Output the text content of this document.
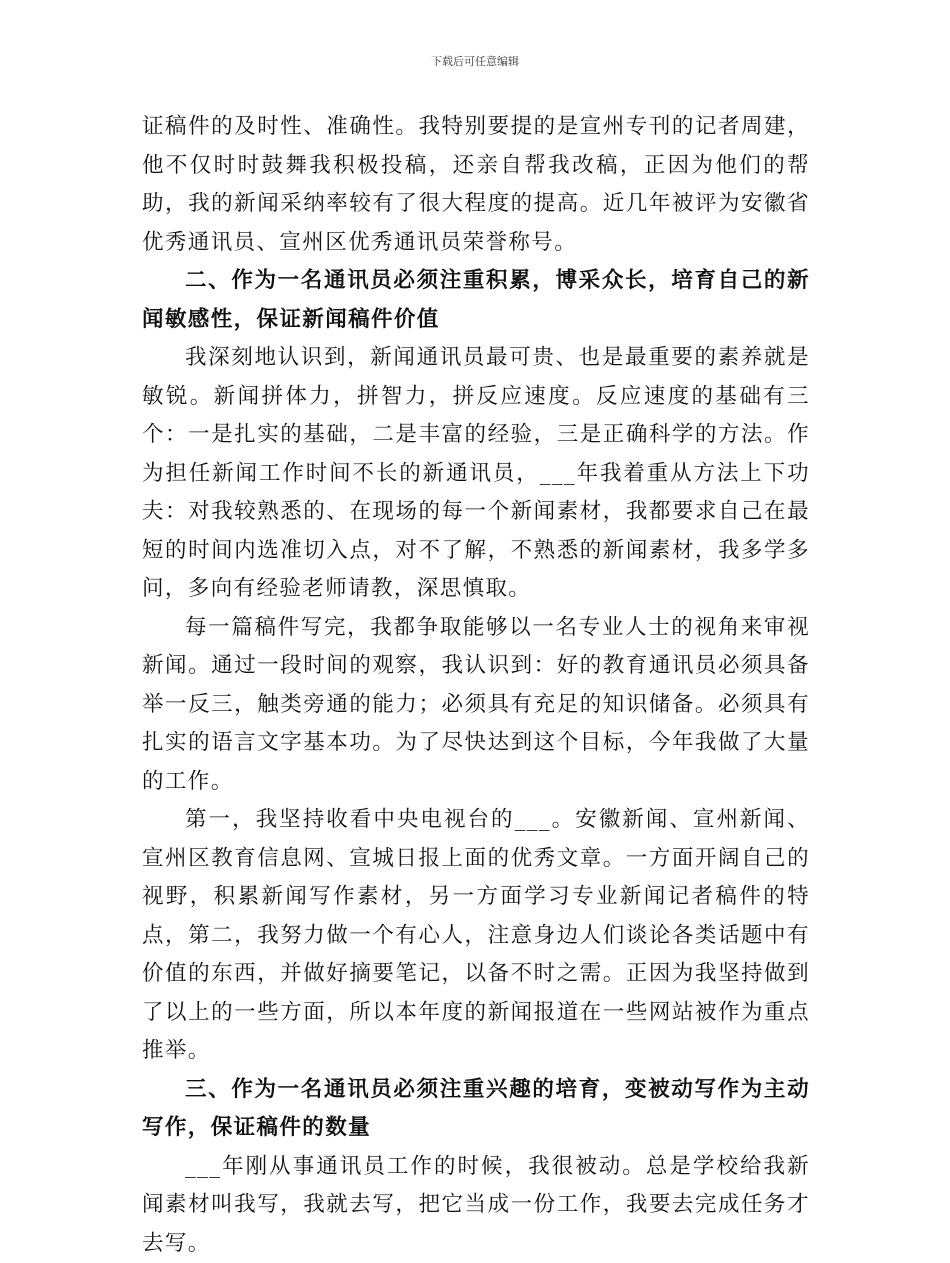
下载后可任意编辑

证稿件的及时性、准确性。我特别要提的是宣州专刊的记者周建，他不仅时时鼓舞我积极投稿，还亲自帮我改稿，正因为他们的帮助，我的新闻采纳率较有了很大程度的提高。近几年被评为安徽省优秀通讯员、宣州区优秀通讯员荣誉称号。

二、作为一名通讯员必须注重积累，博采众长，培育自己的新闻敏感性，保证新闻稿件价值

我深刻地认识到，新闻通讯员最可贵、也是最重要的素养就是敏锐。新闻拼体力，拼智力，拼反应速度。反应速度的基础有三个：一是扎实的基础，二是丰富的经验，三是正确科学的方法。作为担任新闻工作时间不长的新通讯员，___年我着重从方法上下功夫：对我较熟悉的、在现场的每一个新闻素材，我都要求自己在最短的时间内选准切入点，对不了解，不熟悉的新闻素材，我多学多问，多向有经验老师请教，深思慎取。

每一篇稿件写完，我都争取能够以一名专业人士的视角来审视新闻。通过一段时间的观察，我认识到：好的教育通讯员必须具备举一反三，触类旁通的能力；必须具有充足的知识储备。必须具有扎实的语言文字基本功。为了尽快达到这个目标，今年我做了大量的工作。

第一，我坚持收看中央电视台的___。安徽新闻、宣州新闻、宣州区教育信息网、宣城日报上面的优秀文章。一方面开阔自己的视野，积累新闻写作素材，另一方面学习专业新闻记者稿件的特点，第二，我努力做一个有心人，注意身边人们谈论各类话题中有价值的东西，并做好摘要笔记，以备不时之需。正因为我坚持做到了以上的一些方面，所以本年度的新闻报道在一些网站被作为重点推举。

三、作为一名通讯员必须注重兴趣的培育，变被动写作为主动写作，保证稿件的数量

___年刚从事通讯员工作的时候，我很被动。总是学校给我新闻素材叫我写，我就去写，把它当成一份工作，我要去完成任务才去写。
